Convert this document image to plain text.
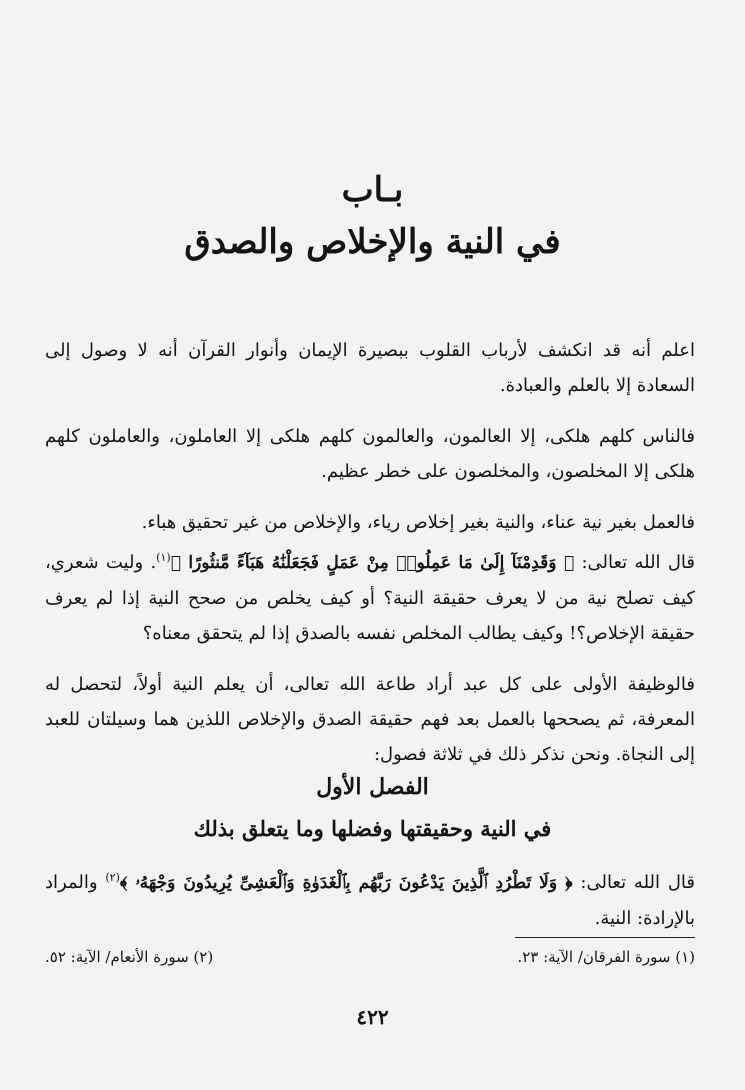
بـاب
في النية والإخلاص والصدق

اعلم أنه قد انكشف لأرباب القلوب ببصيرة الإيمان وأنوار القرآن أنه لا وصول إلى السعادة إلا بالعلم والعبادة.

فالناس كلهم هلكى، إلا العالمون، والعالمون كلهم هلكى إلا العاملون، والعاملون كلهم هلكى إلا المخلصون، والمخلصون على خطر عظيم.

فالعمل بغير نية عناء، والنية بغير إخلاص رياء، والإخلاص من غير تحقيق هباء.

قال الله تعالى: ﴿ وَقَدِمْنَآ إِلَىٰ مَا عَمِلُوا۟ مِنْ عَمَلٍ فَجَعَلْنَٰهُ هَبَآءً مَّنثُورًا ﴾$^{(١)}$. وليت شعري، كيف تصلح نية من لا يعرف حقيقة النية؟ أو كيف يخلص من صحح النية إذا لم يعرف حقيقة الإخلاص؟! وكيف يطالب المخلص نفسه بالصدق إذا لم يتحقق معناه؟

فالوظيفة الأولى على كل عبد أراد طاعة الله تعالى، أن يعلم النية أولاً، لتحصل له المعرفة، ثم يصححها بالعمل بعد فهم حقيقة الصدق والإخلاص اللذين هما وسيلتان للعبد إلى النجاة. ونحن نذكر ذلك في ثلاثة فصول:

الفصل الأول
في النية وحقيقتها وفضلها وما يتعلق بذلك
قال الله تعالى: ﴿ وَلَا تَطْرُدِ ٱلَّذِينَ يَدْعُونَ رَبَّهُم بِٱلْغَدَوٰةِ وَٱلْعَشِىِّ يُرِيدُونَ وَجْهَهُۥ ﴾$^{(٢)}$ والمراد بالإرادة: النية.
(١) سورة الفرقان/ الآية: ٢٣.
(٢) سورة الأنعام/ الآية: ٥٢.
٤٢٢
